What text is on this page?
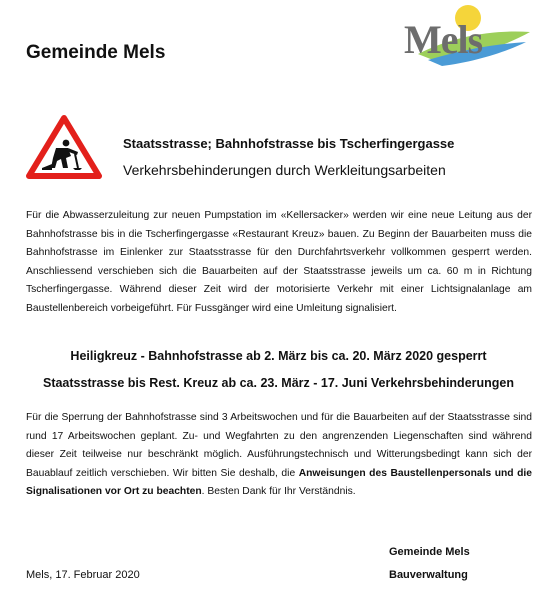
Gemeinde Mels	Mels
Staatsstrasse; Bahnhofstrasse bis Tscherfingergasse
Verkehrsbehinderungen durch Werkleitungsarbeiten
Für die Abwasserzuleitung zur neuen Pumpstation im «Kellersacker» werden wir eine neue Leitung aus der Bahnhofstrasse bis in die Tscherfingergasse «Restaurant Kreuz» bauen. Zu Beginn der Bauarbeiten muss die Bahnhofstrasse im Einlenker zur Staatsstrasse für den Durchfahrtsverkehr vollkommen gesperrt werden. Anschliessend verschieben sich die Bauarbeiten auf der Staatsstrasse jeweils um ca. 60 m in Richtung Tscherfingergasse. Während dieser Zeit wird der motorisierte Verkehr mit einer Lichtsignalanlage am Baustellenbereich vorbeigeführt. Für Fussgänger wird eine Umleitung signalisiert.
Heiligkreuz - Bahnhofstrasse ab 2. März bis ca. 20. März 2020 gesperrt
Staatsstrasse bis Rest. Kreuz ab ca. 23. März - 17. Juni Verkehrsbehinderungen
Für die Sperrung der Bahnhofstrasse sind 3 Arbeitswochen und für die Bauarbeiten auf der Staatsstrasse sind rund 17 Arbeitswochen geplant. Zu- und Wegfahrten zu den angrenzenden Liegenschaften sind während dieser Zeit teilweise nur beschränkt möglich. Ausführungstechnisch und Witterungsbedingt kann sich der Bauablauf zeitlich verschieben. Wir bitten Sie deshalb, die Anweisungen des Baustellenpersonals und die Signalisationen vor Ort zu beachten. Besten Dank für Ihr Verständnis.
Gemeinde Mels
Mels, 17. Februar 2020	Bauverwaltung
